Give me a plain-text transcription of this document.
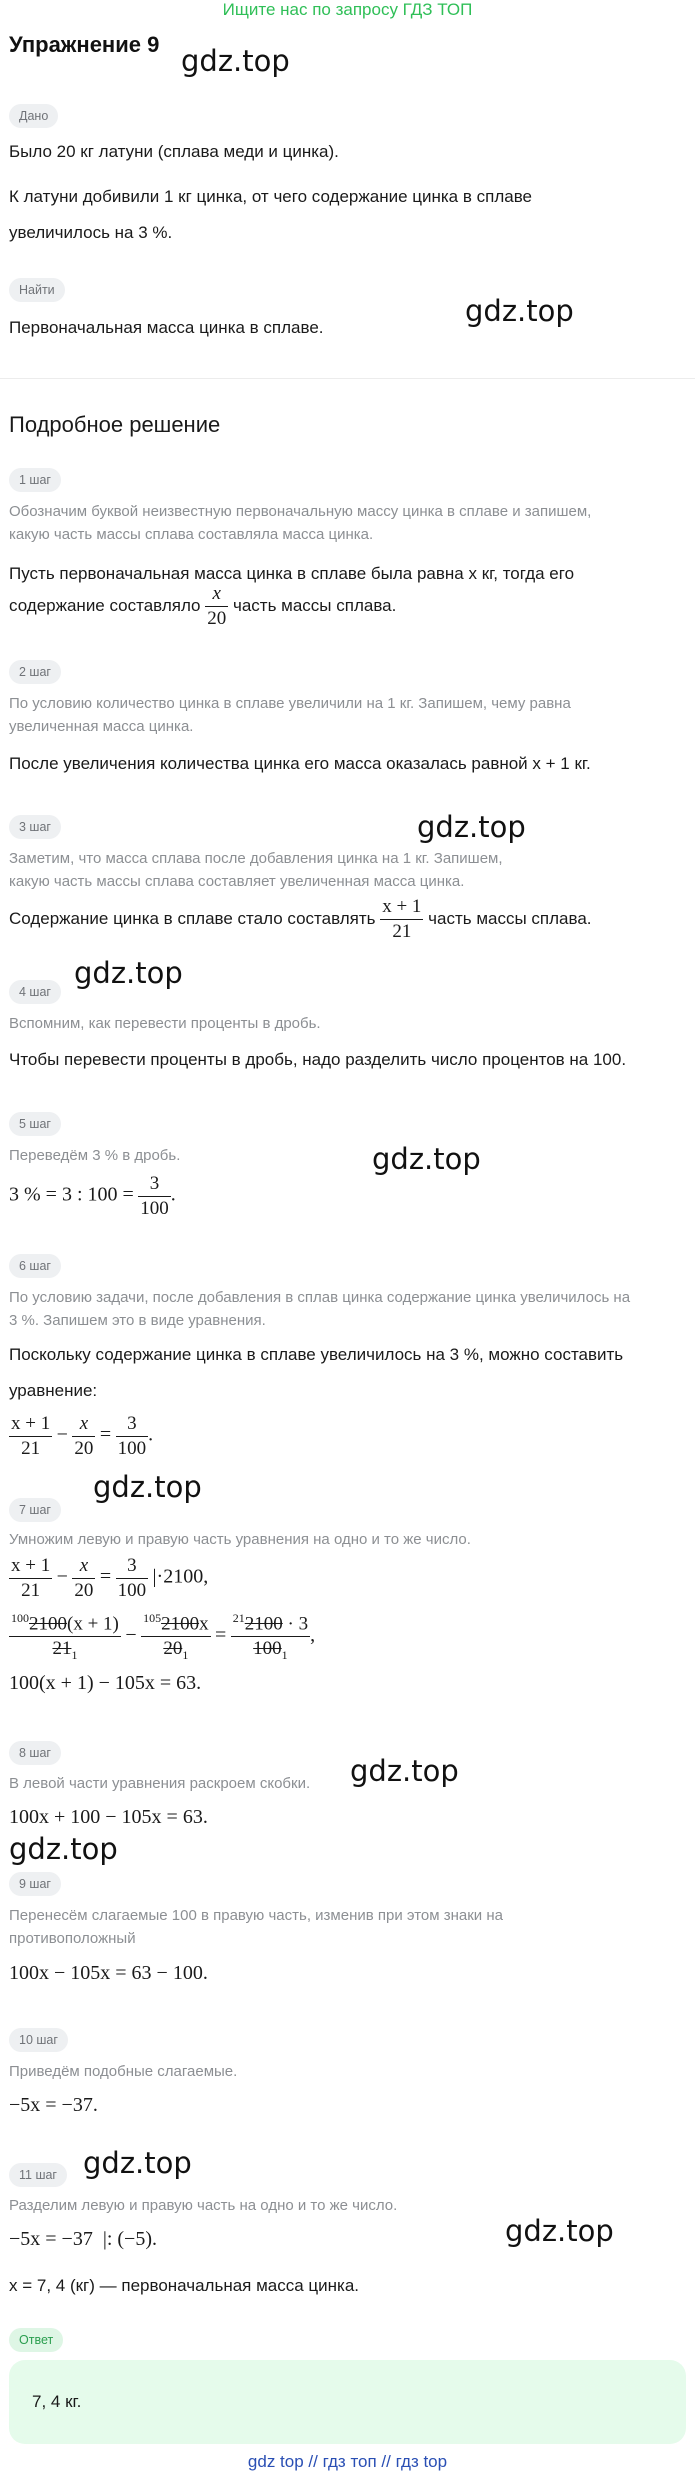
Ищите нас по запросу ГДЗ ТОП
Упражнение 9 gdz.top
gdz.top
gdz.top
gdz.top
gdz.top
gdz.top
gdz.top
gdz.top
gdz.top
gdz.top
Дано
Было 20 кг латуни (сплава меди и цинка).
К латуни добивили 1 кг цинка, от чего содержание цинка в сплаве
увеличилось на 3 %.
Найти
Первоначальная масса цинка в сплаве.
Подробное решение
1 шаг
Обозначим буквой неизвестную первоначальную массу цинка в сплаве и запишем,
какую часть массы сплава составляла масса цинка.
Пусть первоначальная масса цинка в сплаве была равна x кг, тогда его
содержание составляло $\frac{x}{20}$ часть массы сплава.
2 шаг
По условию количество цинка в сплаве увеличили на 1 кг. Запишем, чему равна
увеличенная масса цинка.
После увеличения количества цинка его масса оказалась равной x + 1 кг.
3 шаг
Заметим, что масса сплава после добавления цинка на 1 кг. Запишем,
какую часть массы сплава составляет увеличенная масса цинка.
Содержание цинка в сплаве стало составлять $\frac{x + 1}{21}$ часть массы сплава.
4 шаг
Вспомним, как перевести проценты в дробь.
Чтобы перевести проценты в дробь, надо разделить число процентов на 100.
5 шаг
Переведём 3 % в дробь.
3 % = 3 : $100 = \frac{3}{100}$ .
6 шаг
По условию задачи, после добавления в сплав цинка содержание цинка увеличилось на
3 %. Запишем это в виде уравнения.
Поскольку содержание цинка в сплаве увеличилось на 3 %, можно составить
уравнение:
$\frac{x + 1}{21} - \frac{x}{20} = \frac{3}{100}$ .
7 шаг
Умножим левую и правую часть уравнения на одно и то же число.
$\frac{x + 1}{21} - \frac{x}{20} = \frac{3}{100} |\cdot 2100$,
$\frac{^{100}2100(x + 1)}{21_1} - \frac{^{105}2100x}{20_1} = \frac{^{21}2100 \cdot 3}{100_1}$ ,
100(x + 1) − 105x = 63.
8 шаг
В левой части уравнения раскроем скобки.
100x + 100 − 105x = 63.
9 шаг
Перенесём слагаемые 100 в правую часть, изменив при этом знаки на
противоположный
100x − 105x = 63 − 100.
10 шаг
Приведём подобные слагаемые.
−5x = −37.
11 шаг
Разделим левую и правую часть на одно и то же число.
−5x = −37  |: (−5).
x = 7, 4 (кг) — первоначальная масса цинка.
Ответ
7, 4 кг.
gdz top // гдз топ // гдз top
